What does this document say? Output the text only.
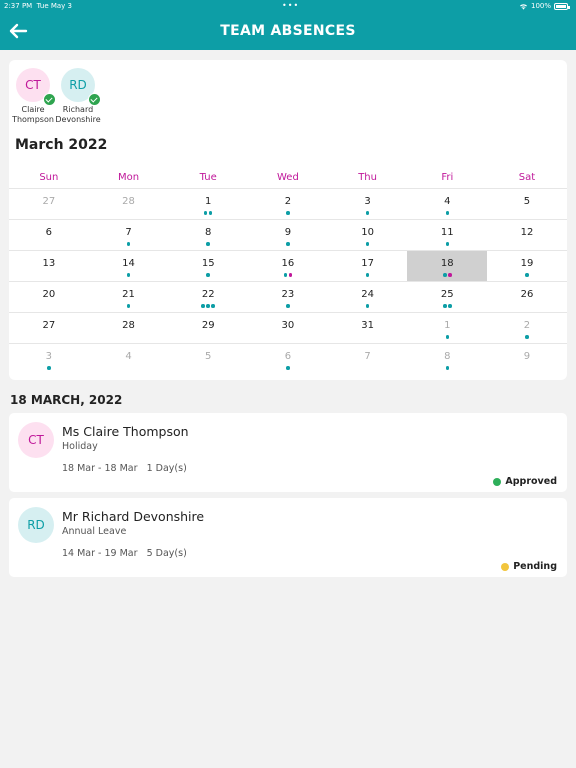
2:37 PM Tue May 3	•••	100%
TEAM ABSENCES
CT
Claire
Thompson
RD
Richard
Devonshire
March 2022
Sun	Mon	Tue	Wed	Thu	Fri	Sat
27	28	1	2	3	4	5
6	7	8	9	10	11	12
13	14	15	16	17	18	19
20	21	22	23	24	25	26
27	28	29	30	31	1	2
3	4	5	6	7	8	9
18 MARCH, 2022
CT
Ms Claire Thompson
Holiday
18 Mar - 18 Mar   1 Day(s)
Approved
RD
Mr Richard Devonshire
Annual Leave
14 Mar - 19 Mar   5 Day(s)
Pending
